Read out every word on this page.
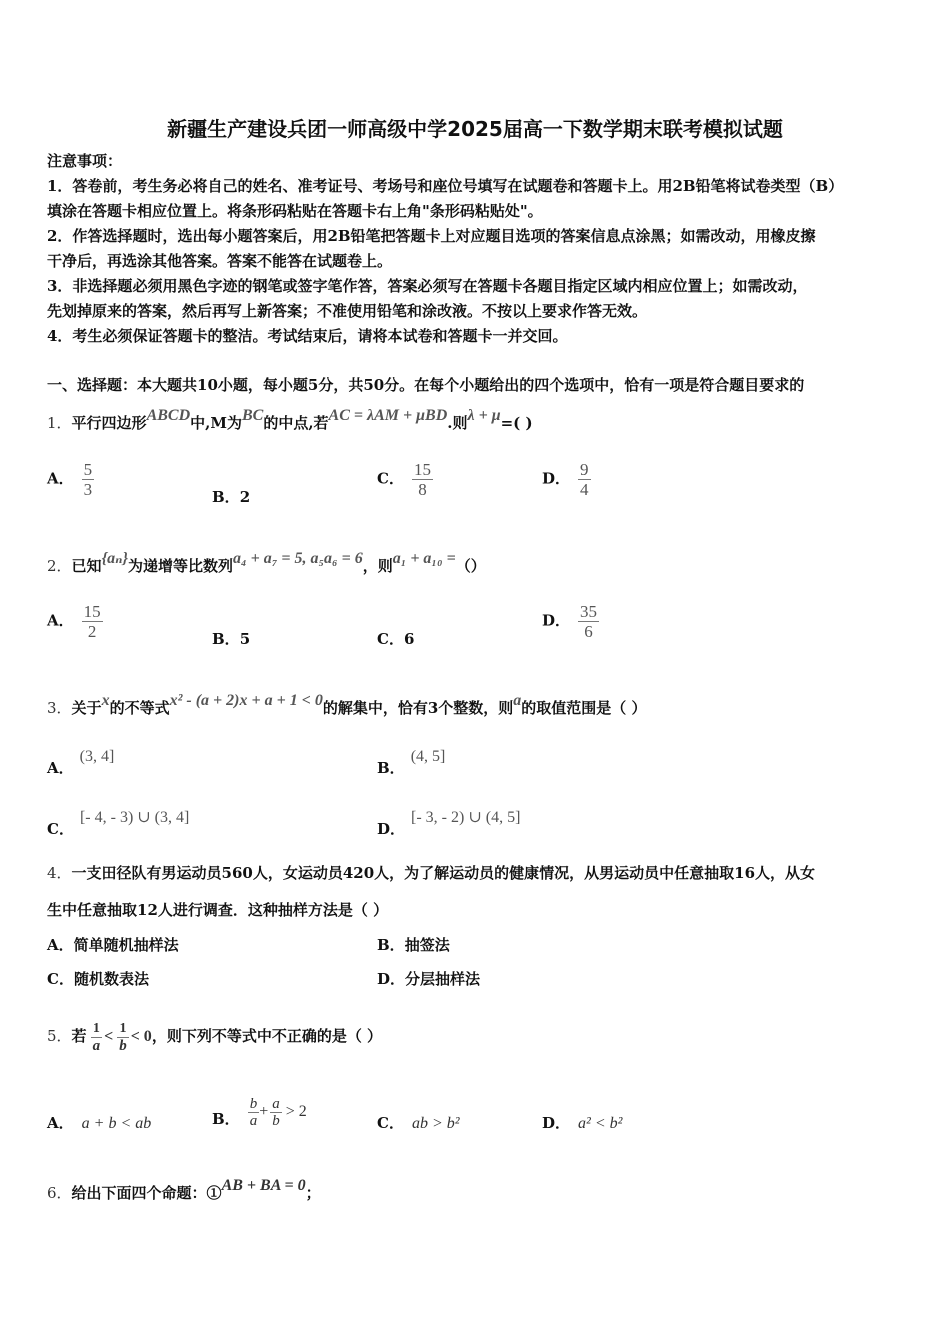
新疆生产建设兵团一师高级中学2025届高一下数学期末联考模拟试题
注意事项：
1．答卷前，考生务必将自己的姓名、准考证号、考场号和座位号填写在试题卷和答题卡上。用2B铅笔将试卷类型（B）
填涂在答题卡相应位置上。将条形码粘贴在答题卡右上角"条形码粘贴处"。
2．作答选择题时，选出每小题答案后，用2B铅笔把答题卡上对应题目选项的答案信息点涂黑；如需改动，用橡皮擦
干净后，再选涂其他答案。答案不能答在试题卷上。
3．非选择题必须用黑色字迹的钢笔或签字笔作答，答案必须写在答题卡各题目指定区域内相应位置上；如需改动，
先划掉原来的答案，然后再写上新答案；不准使用铅笔和涂改液。不按以上要求作答无效。
4．考生必须保证答题卡的整洁。考试结束后，请将本试卷和答题卡一并交回。
一、选择题：本大题共10小题，每小题5分，共50分。在每个小题给出的四个选项中，恰有一项是符合题目要求的
1．平行四边形ABCD中,M为BC的中点,若AC = λAM + μBD.则λ + μ=( )
A． $\frac{5}{3}$	B．2
C． $\frac{15}{8}$	D． $\frac{9}{4}$
2．已知{aₙ}为递增等比数列a₄ + a₇ = 5, a₅a₆ = 6，则a₁ + a₁₀ =（）
A． $\frac{15}{2}$	B．5	C．6
D． $\frac{35}{6}$
3．关于x的不等式x² - (a + 2)x + a + 1 < 0的解集中，恰有3个整数，则a的取值范围是（ ）
A．(3, 4]
B．(4, 5]
C．[- 4, - 3) ∪ (3, 4]
D．[- 3, - 2) ∪ (4, 5]
4．一支田径队有男运动员560人，女运动员420人，为了解运动员的健康情况，从男运动员中任意抽取16人，从女
生中任意抽取12人进行调查．这种抽样方法是（ ）
A．简单随机抽样法	B．抽签法
C．随机数表法	D．分层抽样法
5．若 $\frac{1}{a} < \frac{1}{b} < 0$，则下列不等式中不正确的是（ ）
A． a + b < ab	B． $\frac{b}{a} + \frac{a}{b} > 2$
C． ab > b²	D． a² < b²
6．给出下面四个命题：①AB + BA = 0；
